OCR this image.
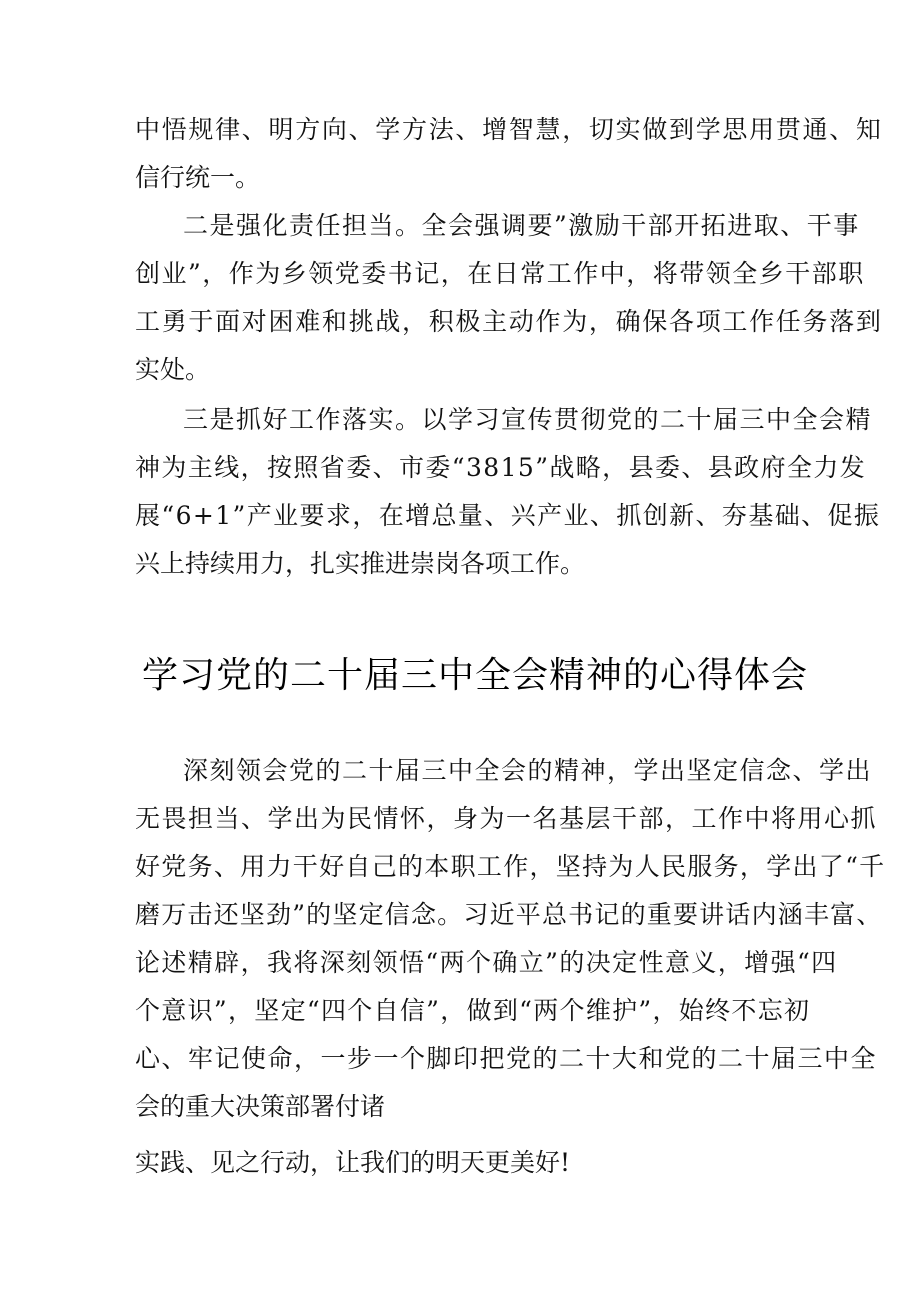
中悟规律、明方向、学方法、增智慧，切实做到学思用贯通、知
信行统一。
二是强化责任担当。全会强调要”激励干部开拓进取、干事
创业”，作为乡领党委书记，在日常工作中，将带领全乡干部职
工勇于面对困难和挑战，积极主动作为，确保各项工作任务落到
实处。
三是抓好工作落实。以学习宣传贯彻党的二十届三中全会精
神为主线，按照省委、市委“3815”战略，县委、县政府全力发
展“6+1”产业要求，在增总量、兴产业、抓创新、夯基础、促振
兴上持续用力，扎实推进崇岗各项工作。
学习党的二十届三中全会精神的心得体会
深刻领会党的二十届三中全会的精神，学出坚定信念、学出
无畏担当、学出为民情怀，身为一名基层干部，工作中将用心抓
好党务、用力干好自己的本职工作，坚持为人民服务，学出了“千
磨万击还坚劲”的坚定信念。习近平总书记的重要讲话内涵丰富、
论述精辟，我将深刻领悟“两个确立”的决定性意义，增强“四
个意识”，坚定“四个自信”，做到“两个维护”，始终不忘初
心、牢记使命，一步一个脚印把党的二十大和党的二十届三中全
会的重大决策部署付诸
实践、见之行动，让我们的明天更美好!
